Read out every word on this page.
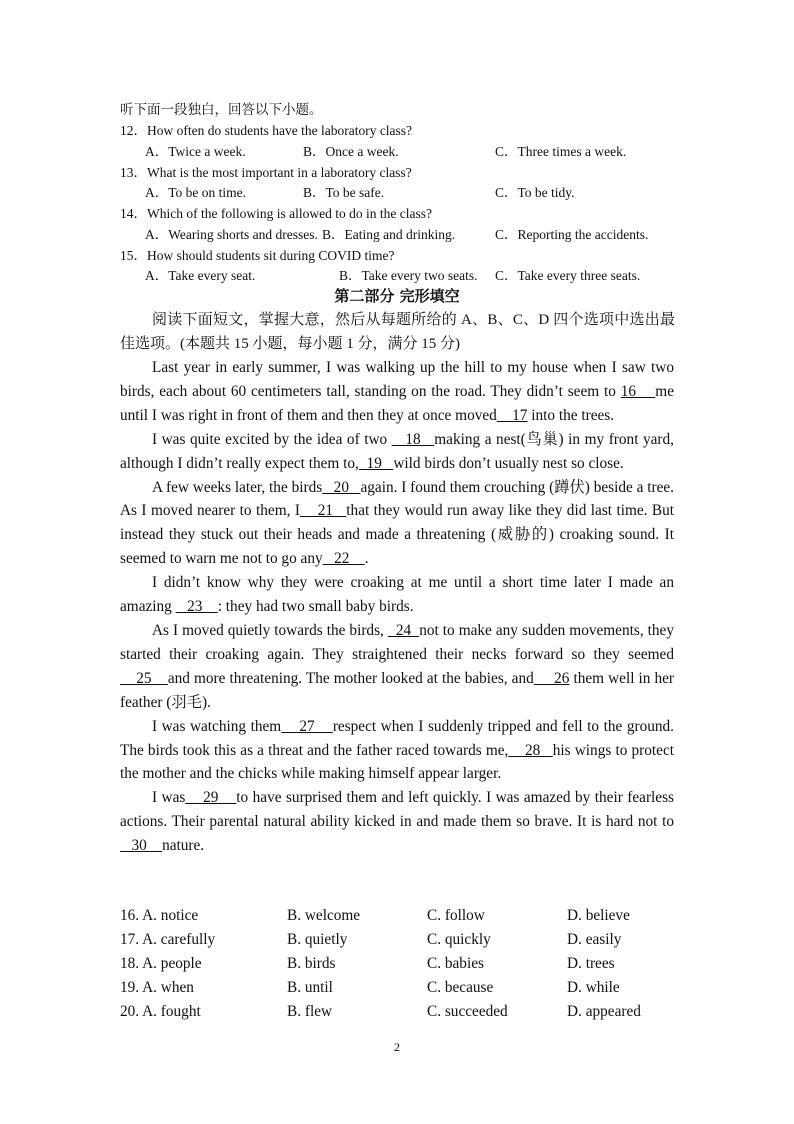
听下面一段独白，回答以下小题。
12．How often do students have the laboratory class?
A．Twice a week.	B．Once a week.	C．Three times a week.
13．What is the most important in a laboratory class?
A．To be on time.	B．To be safe.	C．To be tidy.
14．Which of the following is allowed to do in the class?
A．Wearing shorts and dresses. B．Eating and drinking.	C．Reporting the accidents.
15．How should students sit during COVID time?
A．Take every seat.	B．Take every two seats. C．Take every three seats.
第二部分 完形填空
阅读下面短文，掌握大意，然后从每题所给的 A、B、C、D 四个选项中选出最佳选项。(本题共 15 小题，每小题 1 分，满分 15 分)

Last year in early summer, I was walking up the hill to my house when I saw two birds, each about 60 centimeters tall, standing on the road. They didn’t seem to 16    me until I was right in front of them and then they at once moved    17 into the trees.

I was quite excited by the idea of two    18   making a nest(鸟巢) in my front yard, although I didn’t really expect them to,  19   wild birds don’t usually nest so close.

A few weeks later, the birds   20   again. I found them crouching (蹲伏) beside a tree. As I moved nearer to them, I    21   that they would run away like they did last time. But instead they stuck out their heads and made a threatening (威胁的) croaking sound. It seemed to warn me not to go any   22    .

I didn’t know why they were croaking at me until a short time later I made an amazing    23    : they had two small baby birds.

As I moved quietly towards the birds,   24  not to make any sudden movements, they started their croaking again. They straightened their necks forward so they seemed    25    and more threatening. The mother looked at the babies, and     26 them well in her feather (羽毛).

I was watching them    27    respect when I suddenly tripped and fell to the ground. The birds took this as a threat and the father raced towards me,    28   his wings to protect the mother and the chicks while making himself appear larger.

I was    29    to have surprised them and left quickly. I was amazed by their fearless actions. Their parental natural ability kicked in and made them so brave. It is hard not to   30    nature.

16. A. notice	B. welcome	C. follow	D. believe
17. A. carefully	B. quietly	C. quickly	D. easily
18. A. people	B. birds	C. babies	D. trees
19. A. when	B. until	C. because	D. while
20. A. fought	B. flew	C. succeeded	D. appeared
2
